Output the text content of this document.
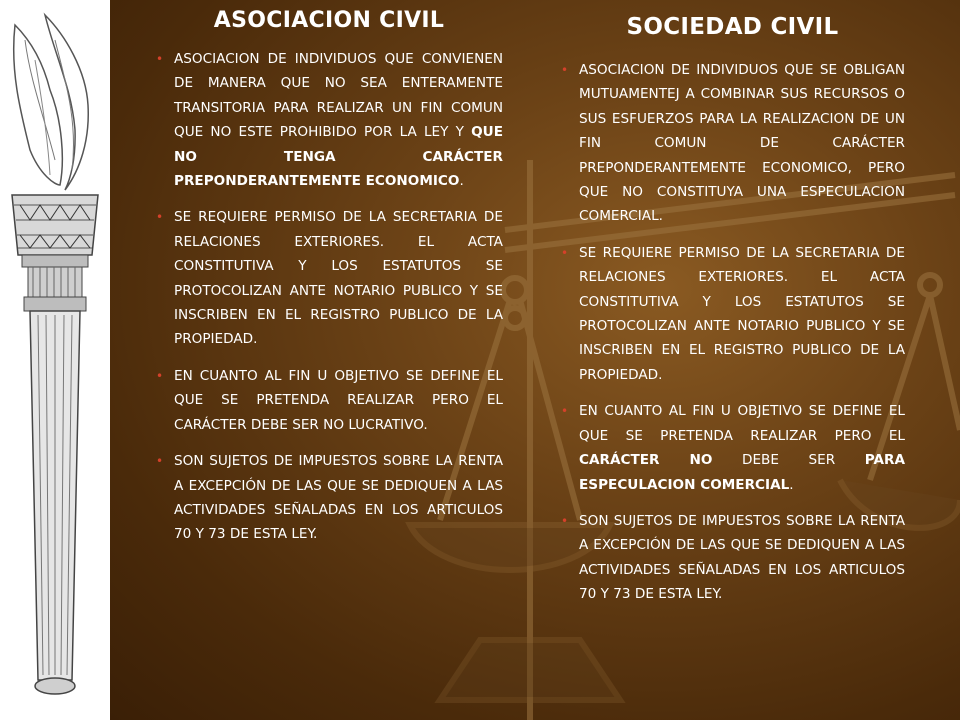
ASOCIACION CIVIL
• ASOCIACION DE INDIVIDUOS QUE CONVIENEN DE MANERA QUE NO SEA ENTERAMENTE TRANSITORIA PARA REALIZAR UN FIN COMUN QUE NO ESTE PROHIBIDO POR LA LEY Y QUE NO TENGA CARÁCTER PREPONDERANTEMENTE ECONOMICO.
• SE REQUIERE PERMISO DE LA SECRETARIA DE RELACIONES EXTERIORES. EL ACTA CONSTITUTIVA Y LOS ESTATUTOS SE PROTOCOLIZAN ANTE NOTARIO PUBLICO Y SE INSCRIBEN EN EL REGISTRO PUBLICO DE LA PROPIEDAD.
• EN CUANTO AL FIN U OBJETIVO SE DEFINE EL QUE SE PRETENDA REALIZAR PERO EL CARÁCTER DEBE SER NO LUCRATIVO.
• SON SUJETOS DE IMPUESTOS SOBRE LA RENTA A EXCEPCIÓN DE LAS QUE SE DEDIQUEN A LAS ACTIVIDADES SEÑALADAS EN LOS ARTICULOS 70 Y 73 DE ESTA LEY.
SOCIEDAD CIVIL
• ASOCIACION DE INDIVIDUOS QUE SE OBLIGAN MUTUAMENTEJ A COMBINAR SUS RECURSOS O SUS ESFUERZOS PARA LA REALIZACION DE UN FIN COMUN DE CARÁCTER PREPONDERANTEMENTE ECONOMICO, PERO QUE NO CONSTITUYA UNA ESPECULACION COMERCIAL.
• SE REQUIERE PERMISO DE LA SECRETARIA DE RELACIONES EXTERIORES. EL ACTA CONSTITUTIVA Y LOS ESTATUTOS SE PROTOCOLIZAN ANTE NOTARIO PUBLICO Y SE INSCRIBEN EN EL REGISTRO PUBLICO DE LA PROPIEDAD.
• EN CUANTO AL FIN U OBJETIVO SE DEFINE EL QUE SE PRETENDA REALIZAR PERO EL CARÁCTER NO DEBE SER PARA ESPECULACION COMERCIAL.
• SON SUJETOS DE IMPUESTOS SOBRE LA RENTA A EXCEPCIÓN DE LAS QUE SE DEDIQUEN A LAS ACTIVIDADES SEÑALADAS EN LOS ARTICULOS 70 Y 73 DE ESTA LEY.
